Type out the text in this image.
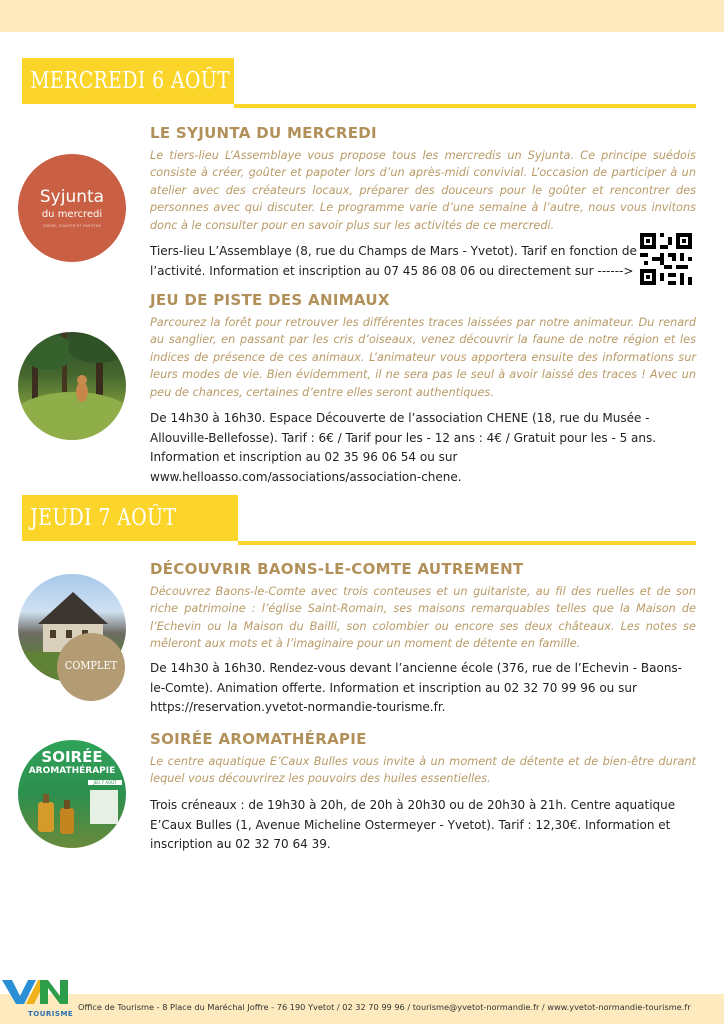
MERCREDI 6 AOÛT
Syjunta
du mercredi
CRÉER, GOÛTER ET PAPOTER
LE SYJUNTA DU MERCREDI
Le tiers-lieu L’Assemblaye vous propose tous les mercredis un Syjunta. Ce principe suédois consiste à créer, goûter et papoter lors d’un après-midi convivial. L’occasion de participer à un atelier avec des créateurs locaux, préparer des douceurs pour le goûter et rencontrer des personnes avec qui discuter. Le programme varie d’une semaine à l’autre, nous vous invitons donc à le consulter pour en savoir plus sur les activités de ce mercredi.
Tiers-lieu L’Assemblaye (8, rue du Champs de Mars - Yvetot). Tarif en fonction de l’activité. Information et inscription au 07 45 86 08 06 ou directement sur ------>
JEU DE PISTE DES ANIMAUX
Parcourez la forêt pour retrouver les différentes traces laissées par notre animateur. Du renard au sanglier, en passant par les cris d’oiseaux, venez découvrir la faune de notre région et les indices de présence de ces animaux. L’animateur vous apportera ensuite des informations sur leurs modes de vie. Bien évidemment, il ne sera pas le seul à avoir laissé des traces ! Avec un peu de chances, certaines d’entre elles seront authentiques.
De 14h30 à 16h30. Espace Découverte de l’association CHENE (18, rue du Musée - Allouville-Bellefosse). Tarif : 6€ / Tarif pour les - 12 ans : 4€ / Gratuit pour les - 5 ans. Information et inscription au 02 35 96 06 54 ou sur www.helloasso.com/associations/association-chene.
JEUDI 7 AOÛT
COMPLET
DÉCOUVRIR BAONS-LE-COMTE AUTREMENT
Découvrez Baons-le-Comte avec trois conteuses et un guitariste, au fil des ruelles et de son riche patrimoine : l’église Saint-Romain, ses maisons remarquables telles que la Maison de l’Echevin ou la Maison du Bailli, son colombier ou encore ses deux châteaux. Les notes se mêleront aux mots et à l’imaginaire pour un moment de détente en famille.
De 14h30 à 16h30. Rendez-vous devant l’ancienne école (376, rue de l’Echevin - Baons-le-Comte). Animation offerte. Information et inscription au 02 32 70 99 96 ou sur https://reservation.yvetot-normandie-tourisme.fr.
SOIRÉE
AROMATHÉRAPIE
JEU 7 AOÛT
SOIRÉE AROMATHÉRAPIE
Le centre aquatique E’Caux Bulles vous invite à un moment de détente et de bien-être durant lequel vous découvrirez les pouvoirs des huiles essentielles.
Trois créneaux : de 19h30 à 20h, de 20h à 20h30 ou de 20h30 à 21h. Centre aquatique E’Caux Bulles (1, Avenue Micheline Ostermeyer - Yvetot). Tarif : 12,30€. Information et inscription au 02 32 70 64 39.
Office de Tourisme - 8 Place du Maréchal Joffre - 76 190 Yvetot / 02 32 70 99 96 / tourisme@yvetot-normandie.fr / www.yvetot-normandie-tourisme.fr
TOURISME
